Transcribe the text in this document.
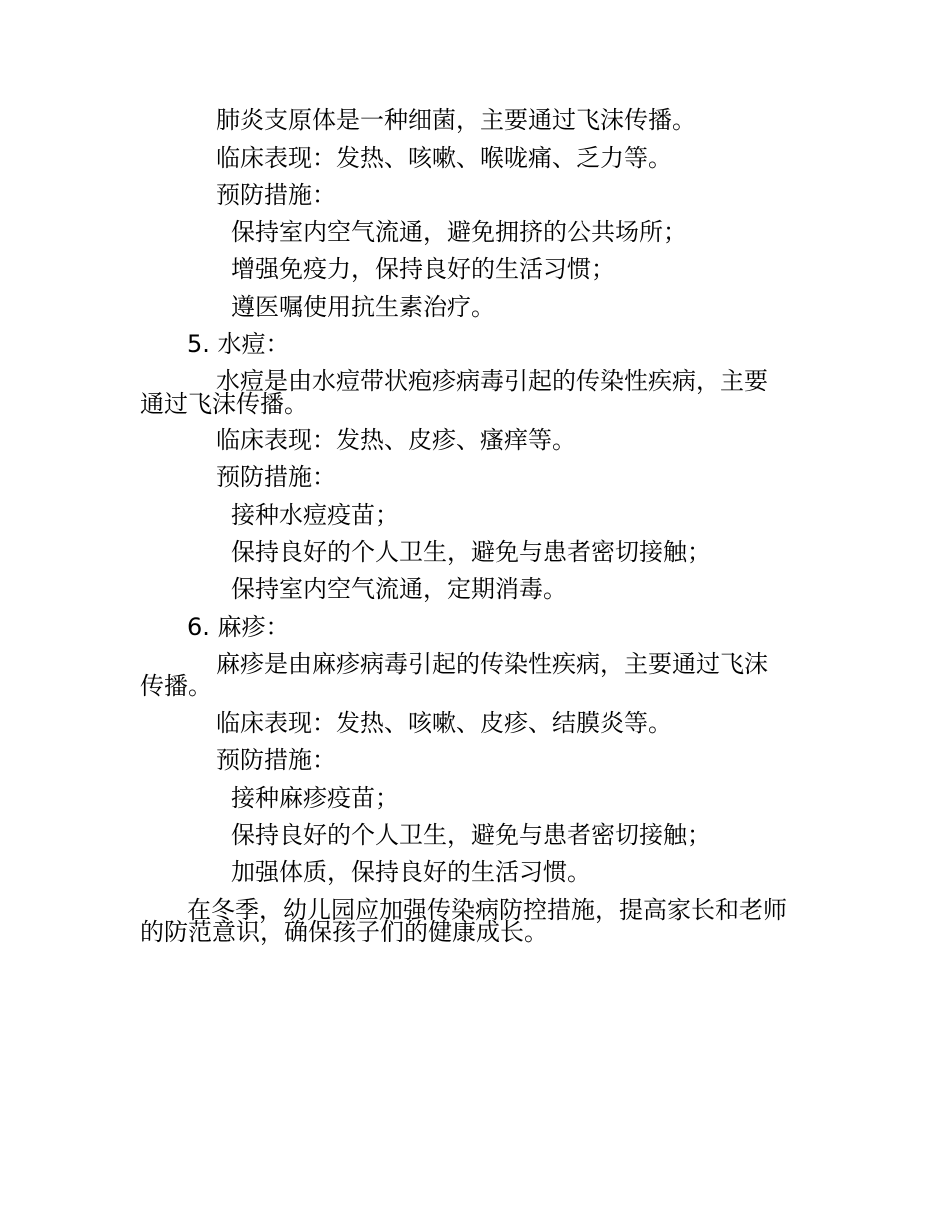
肺炎支原体是一种细菌，主要通过飞沫传播。
临床表现：发热、咳嗽、喉咙痛、乏力等。
预防措施：
保持室内空气流通，避免拥挤的公共场所；
增强免疫力，保持良好的生活习惯；
遵医嘱使用抗生素治疗。
5. 水痘：
水痘是由水痘带状疱疹病毒引起的传染性疾病，主要
通过飞沫传播。
临床表现：发热、皮疹、瘙痒等。
预防措施：
接种水痘疫苗；
保持良好的个人卫生，避免与患者密切接触；
保持室内空气流通，定期消毒。
6. 麻疹：
麻疹是由麻疹病毒引起的传染性疾病，主要通过飞沫
传播。
临床表现：发热、咳嗽、皮疹、结膜炎等。
预防措施：
接种麻疹疫苗；
保持良好的个人卫生，避免与患者密切接触；
加强体质，保持良好的生活习惯。
在冬季，幼儿园应加强传染病防控措施，提高家长和老师
的防范意识，确保孩子们的健康成长。
